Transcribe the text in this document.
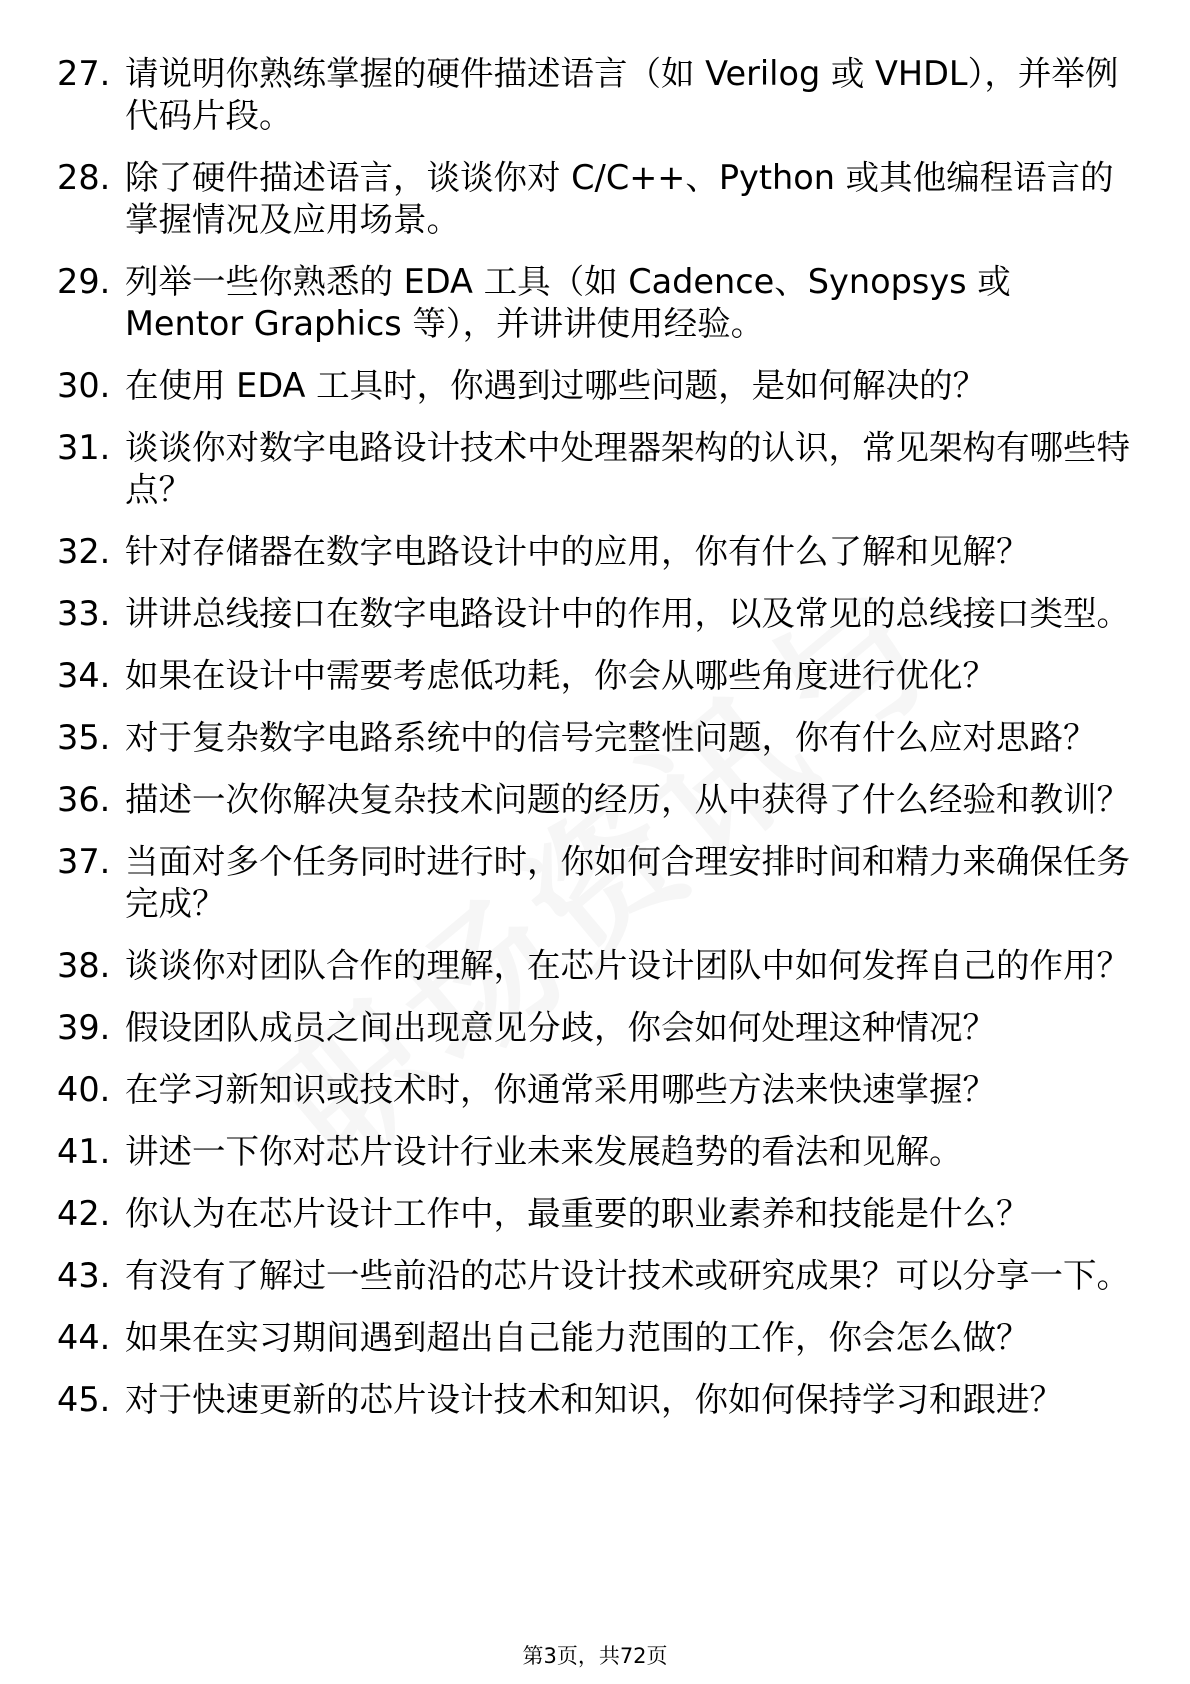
27. 请说明你熟练掌握的硬件描述语言（如 Verilog 或 VHDL），并举例代码片段。
28. 除了硬件描述语言，谈谈你对 C/C++、Python 或其他编程语言的掌握情况及应用场景。
29. 列举一些你熟悉的 EDA 工具（如 Cadence、Synopsys 或 Mentor Graphics 等），并讲讲使用经验。
30. 在使用 EDA 工具时，你遇到过哪些问题，是如何解决的？
31. 谈谈你对数字电路设计技术中处理器架构的认识，常见架构有哪些特点？
32. 针对存储器在数字电路设计中的应用，你有什么了解和见解？
33. 讲讲总线接口在数字电路设计中的作用，以及常见的总线接口类型。
34. 如果在设计中需要考虑低功耗，你会从哪些角度进行优化？
35. 对于复杂数字电路系统中的信号完整性问题，你有什么应对思路？
36. 描述一次你解决复杂技术问题的经历，从中获得了什么经验和教训？
37. 当面对多个任务同时进行时，你如何合理安排时间和精力来确保任务完成？
38. 谈谈你对团队合作的理解，在芯片设计团队中如何发挥自己的作用？
39. 假设团队成员之间出现意见分歧，你会如何处理这种情况？
40. 在学习新知识或技术时，你通常采用哪些方法来快速掌握？
41. 讲述一下你对芯片设计行业未来发展趋势的看法和见解。
42. 你认为在芯片设计工作中，最重要的职业素养和技能是什么？
43. 有没有了解过一些前沿的芯片设计技术或研究成果？可以分享一下。
44. 如果在实习期间遇到超出自己能力范围的工作，你会怎么做？
45. 对于快速更新的芯片设计技术和知识，你如何保持学习和跟进？
第3页，共72页
